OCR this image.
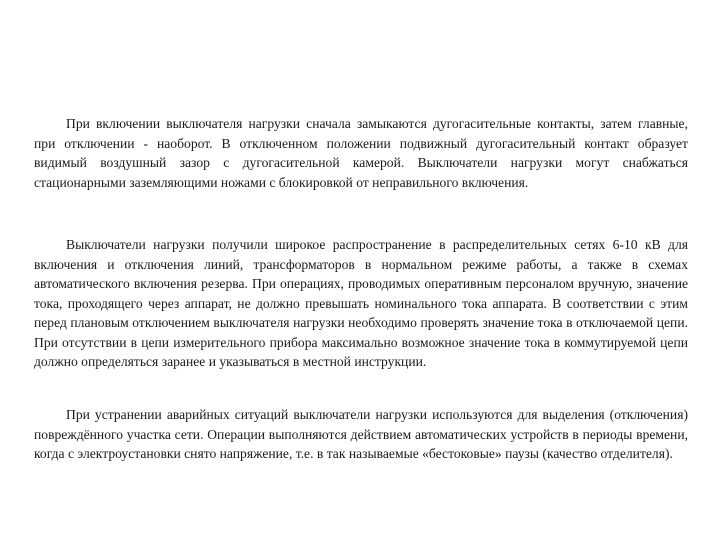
При включении выключателя нагрузки сначала замыкаются дугогасительные контакты, затем главные, при отключении - наоборот. В отключенном положении подвижный дугогасительный контакт образует видимый воздушный зазор с дугогасительной камерой. Выключатели нагрузки могут снабжаться стационарными заземляющими ножами с блокировкой от неправильного включения.

Выключатели нагрузки получили широкое распространение в распределительных сетях 6-10 кВ для включения и отключения линий, трансформаторов в нормальном режиме работы, а также в схемах автоматического включения резерва. При операциях, проводимых оперативным персоналом вручную, значение тока, проходящего через аппарат, не должно превышать номинального тока аппарата. В соответствии с этим перед плановым отключением выключателя нагрузки необходимо проверять значение тока в отключаемой цепи. При отсутствии в цепи измерительного прибора максимально возможное значение тока в коммутируемой цепи должно определяться заранее и указываться в местной инструкции.

При устранении аварийных ситуаций выключатели нагрузки используются для выделения (отключения) повреждённого участка сети. Операции выполняются действием автоматических устройств в периоды времени, когда с электроустановки снято напряжение, т.е. в так называемые «бестоковые» паузы (качество отделителя).
